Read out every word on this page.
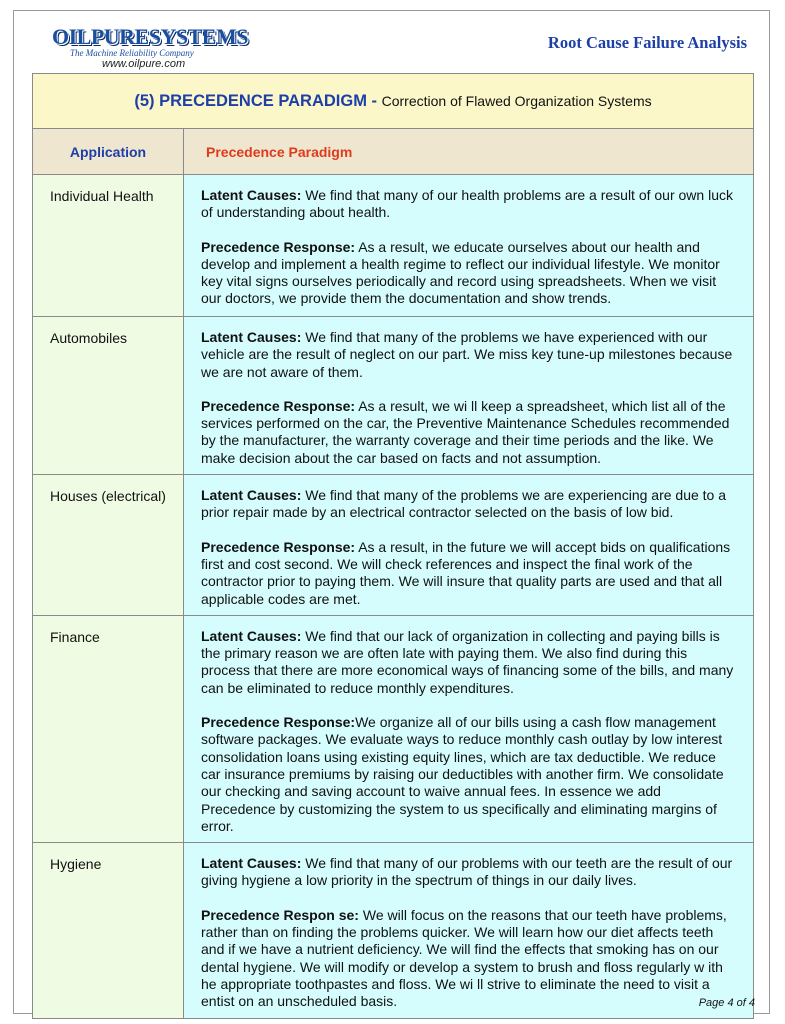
OILPURESYSTEMS
The Machine Reliability Company
www.oilpure.com
Root Cause Failure Analysis
(5) PRECEDENCE PARADIGM - Correction of Flawed Organization Systems	
Application	Precedence Paradigm
Individual Health	Latent Causes: We find that many of our health problems are a result of our own luck of understanding about health.

Precedence Response: As a result, we educate ourselves about our health and develop and implement a health regime to reflect our individual lifestyle. We monitor key vital signs ourselves periodically and record using spreadsheets. When we visit our doctors, we provide them the documentation and show trends.

Automobiles	Latent Causes: We find that many of the problems we have experienced with our vehicle are the result of neglect on our part. We miss key tune-up milestones because we are not aware of them.

Precedence Response: As a result, we wi ll keep a spreadsheet, which list all of the services performed on the car, the Preventive Maintenance Schedules recommended by the manufacturer, the warranty coverage and their time periods and the like. We make decision about the car based on facts and not assumption.

Houses (electrical)	Latent Causes: We find that many of the problems we are experiencing are due to a prior repair made by an electrical contractor selected on the basis of low bid.

Precedence Response: As a result, in the future we will accept bids on qualifications first and cost second. We will check references and inspect the final work of the contractor prior to paying them. We will insure that quality parts are used and that all applicable codes are met.

Finance	Latent Causes: We find that our lack of organization in collecting and paying bills is the primary reason we are often late with paying them. We also find during this process that there are more economical ways of financing some of the bills, and many can be eliminated to reduce monthly expenditures.

Precedence Response:We organize all of our bills using a cash flow management software packages. We evaluate ways to reduce monthly cash outlay by low interest consolidation loans using existing equity lines, which are tax deductible. We reduce car insurance premiums by raising our deductibles with another firm. We consolidate our checking and saving account to waive annual fees. In essence we add Precedence by customizing the system to us specifically and eliminating margins of error.

Hygiene	Latent Causes: We find that many of our problems with our teeth are the result of our giving hygiene a low priority in the spectrum of things in our daily lives.

Precedence Respon se: We will focus on the reasons that our teeth have problems, rather than on finding the problems quicker. We will learn how our diet affects teeth and if we have a nutrient deficiency. We will find the effects that smoking has on our dental hygiene. We will modify or develop a system to brush and floss regularly w ith he appropriate toothpastes and floss. We wi ll strive to eliminate the need to visit a entist on an unscheduled basis.	Page 4 of 4
